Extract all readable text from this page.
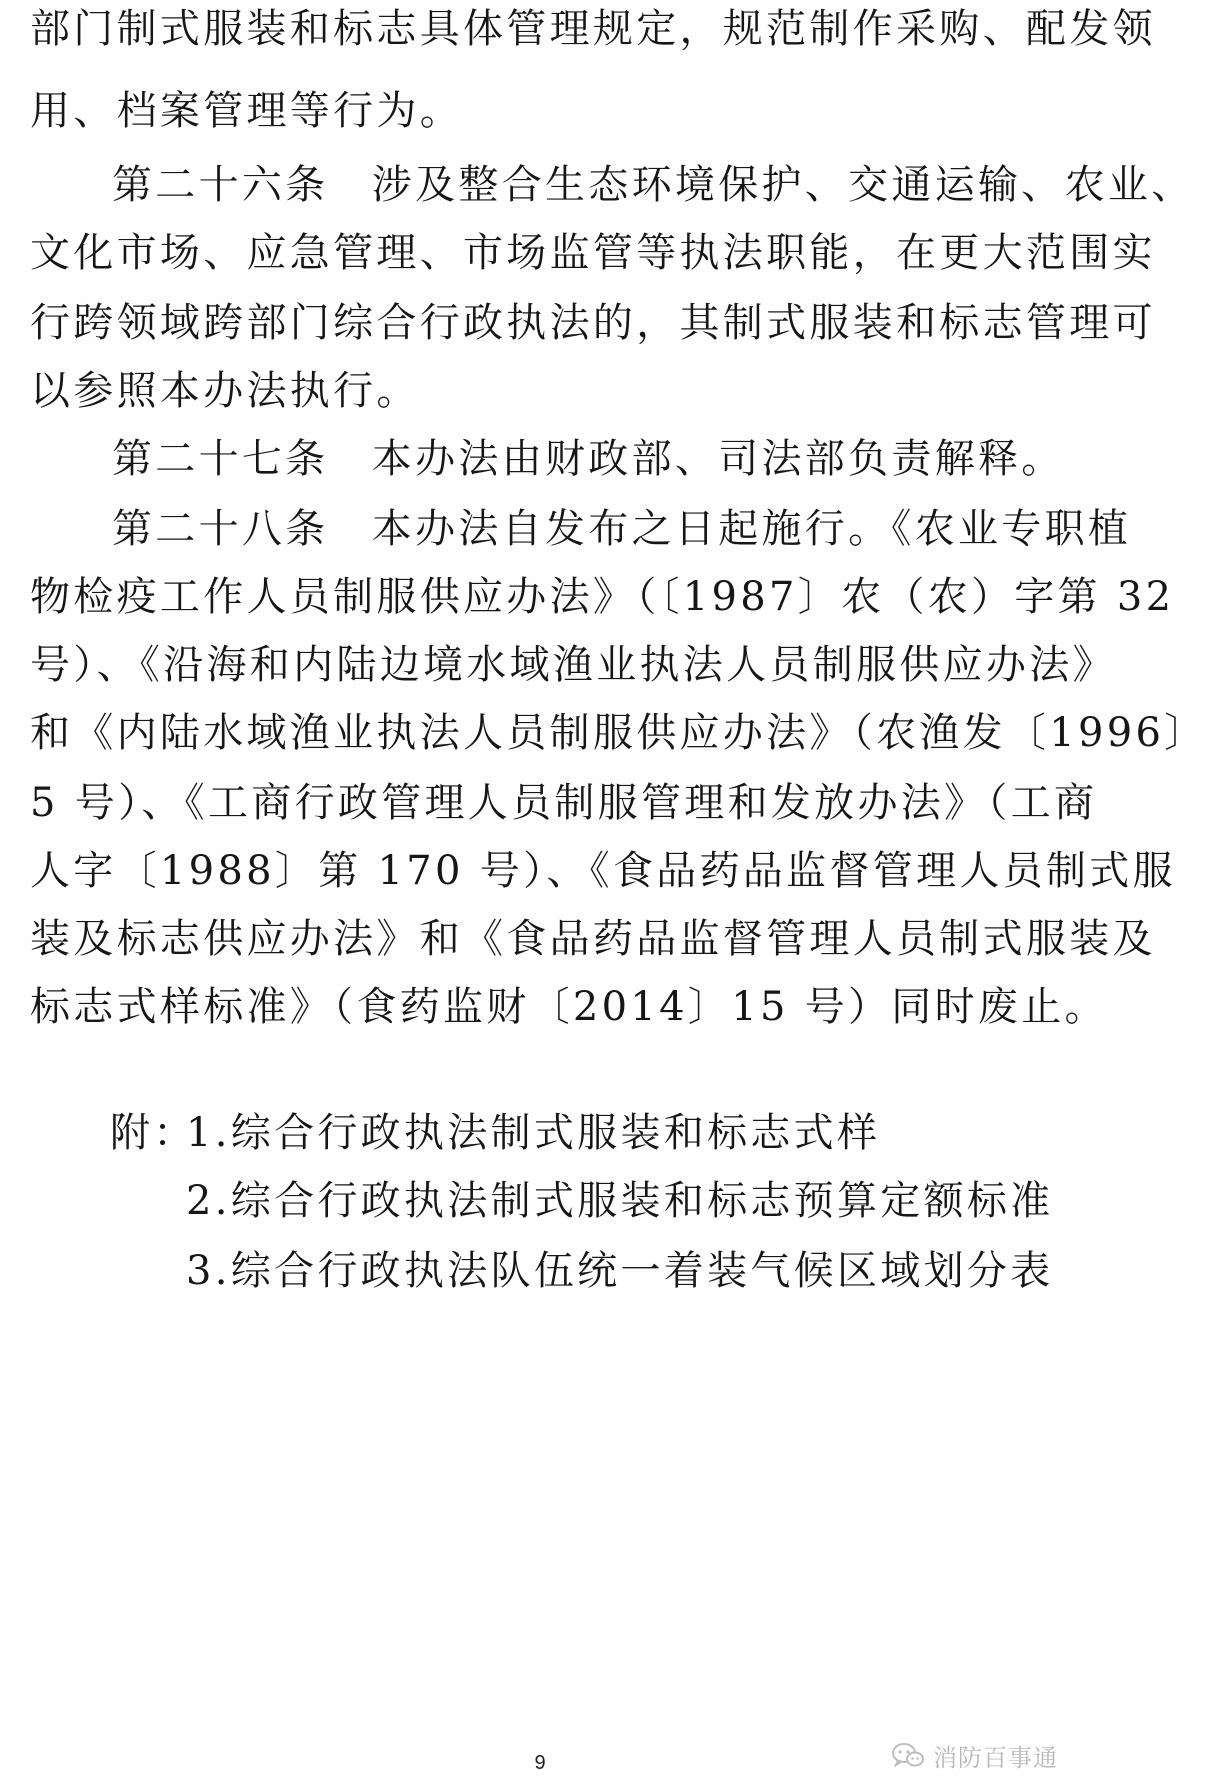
部门制式服装和标志具体管理规定，规范制作采购、配发领
用、档案管理等行为。
第二十六条　涉及整合生态环境保护、交通运输、农业、
文化市场、应急管理、市场监管等执法职能，在更大范围实
行跨领域跨部门综合行政执法的，其制式服装和标志管理可
以参照本办法执行。
第二十七条　本办法由财政部、司法部负责解释。
第二十八条　本办法自发布之日起施行。《农业专职植
物检疫工作人员制服供应办法》（〔1987〕农（农）字第 32
号）、《沿海和内陆边境水域渔业执法人员制服供应办法》
和《内陆水域渔业执法人员制服供应办法》（农渔发〔1996〕
5 号）、《工商行政管理人员制服管理和发放办法》（工商
人字〔1988〕第 170 号）、《食品药品监督管理人员制式服
装及标志供应办法》和《食品药品监督管理人员制式服装及
标志式样标准》（食药监财〔2014〕15 号）同时废止。
附：
1.综合行政执法制式服装和标志式样
2.综合行政执法制式服装和标志预算定额标准
3.综合行政执法队伍统一着装气候区域划分表
9	消防百事通
